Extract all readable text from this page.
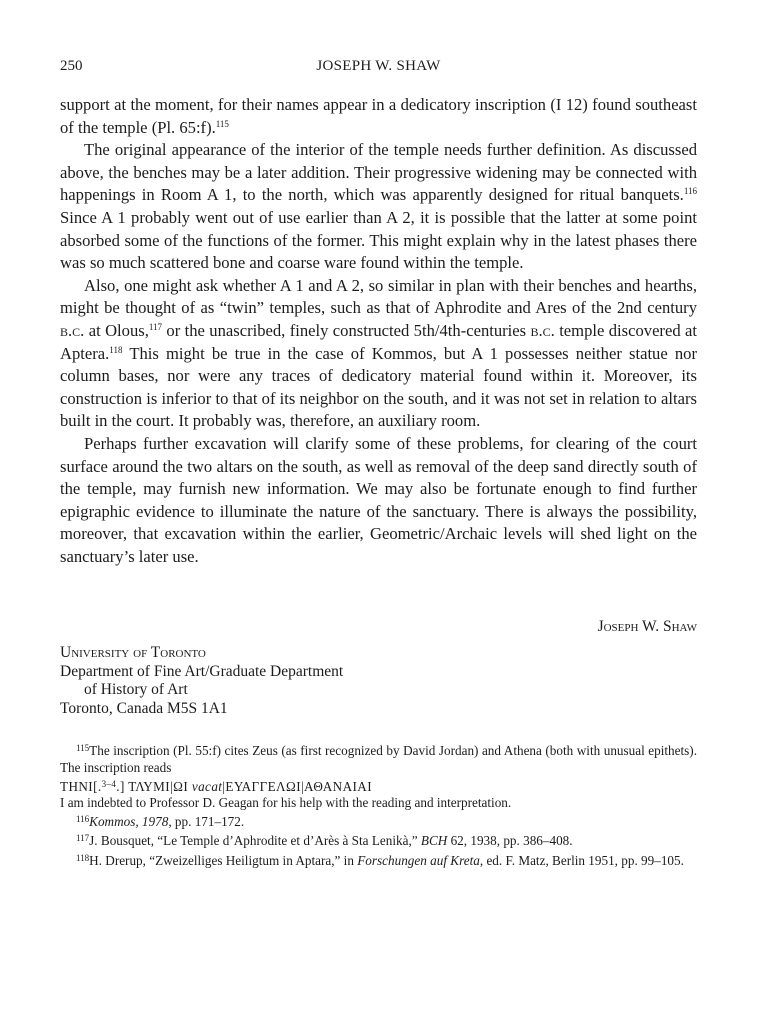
250	JOSEPH W. SHAW

support at the moment, for their names appear in a dedicatory inscription (I 12) found southeast of the temple (Pl. 65:f).$^{115}$

The original appearance of the interior of the temple needs further definition. As discussed above, the benches may be a later addition. Their progressive widening may be connected with happenings in Room A 1, to the north, which was apparently designed for ritual banquets.$^{116}$ Since A 1 probably went out of use earlier than A 2, it is possible that the latter at some point absorbed some of the functions of the former. This might explain why in the latest phases there was so much scattered bone and coarse ware found within the temple.

Also, one might ask whether A 1 and A 2, so similar in plan with their benches and hearths, might be thought of as “twin” temples, such as that of Aphrodite and Ares of the 2nd century b.c. at Olous,$^{117}$ or the unascribed, finely constructed 5th/4th-centuries b.c. temple discovered at Aptera.$^{118}$ This might be true in the case of Kommos, but A 1 possesses neither statue nor column bases, nor were any traces of dedicatory material found within it. Moreover, its construction is inferior to that of its neighbor on the south, and it was not set in relation to altars built in the court. It probably was, therefore, an auxiliary room.

Perhaps further excavation will clarify some of these problems, for clearing of the court surface around the two altars on the south, as well as removal of the deep sand directly south of the temple, may furnish new information. We may also be fortunate enough to find further epigraphic evidence to illuminate the nature of the sanctuary. There is always the possibility, moreover, that excavation within the earlier, Geometric/Archaic levels will shed light on the sanctuary’s later use.

Joseph W. Shaw
University of Toronto
Department of Fine Art/Graduate Department
of History of Art
Toronto, Canada M5S 1A1

$^{115}$The inscription (Pl. 55:f) cites Zeus (as first recognized by David Jordan) and Athena (both with unusual epithets). The inscription reads

ΤΗΝΙ[.$^{3-4}$.] ΤΛΥΜΙ|ΩΙ vacat|ΕΥΑΓΓΕΛΩΙ|ΑΘΑΝΑΙΑΙ

I am indebted to Professor D. Geagan for his help with the reading and interpretation.

$^{116}$Kommos, 1978, pp. 171–172.

$^{117}$J. Bousquet, “Le Temple d’Aphrodite et d’Arès à Sta Lenikà,” BCH 62, 1938, pp. 386–408.

$^{118}$H. Drerup, “Zweizelliges Heiligtum in Aptara,” in Forschungen auf Kreta, ed. F. Matz, Berlin 1951, pp. 99–105.
